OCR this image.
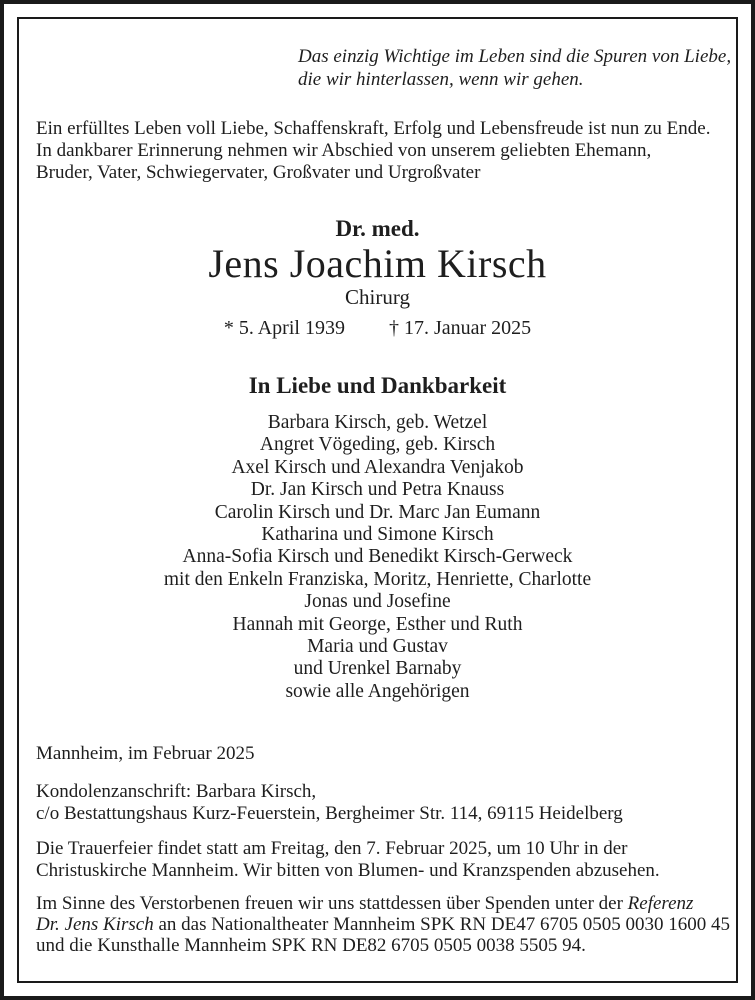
Das einzig Wichtige im Leben sind die Spuren von Liebe,
die wir hinterlassen, wenn wir gehen.
Ein erfülltes Leben voll Liebe, Schaffenskraft, Erfolg und Lebensfreude ist nun zu Ende.
In dankbarer Erinnerung nehmen wir Abschied von unserem geliebten Ehemann,
Bruder, Vater, Schwiegervater, Großvater und Urgroßvater
Dr. med.
Jens Joachim Kirsch
Chirurg
* 5. April 1939 † 17. Januar 2025
In Liebe und Dankbarkeit
Barbara Kirsch, geb. Wetzel
Angret Vögeding, geb. Kirsch
Axel Kirsch und Alexandra Venjakob
Dr. Jan Kirsch und Petra Knauss
Carolin Kirsch und Dr. Marc Jan Eumann
Katharina und Simone Kirsch
Anna-Sofia Kirsch und Benedikt Kirsch-Gerweck
mit den Enkeln Franziska, Moritz, Henriette, Charlotte
Jonas und Josefine
Hannah mit George, Esther und Ruth
Maria und Gustav
und Urenkel Barnaby
sowie alle Angehörigen
Mannheim, im Februar 2025
Kondolenzanschrift: Barbara Kirsch,
c/o Bestattungshaus Kurz-Feuerstein, Bergheimer Str. 114, 69115 Heidelberg
Die Trauerfeier findet statt am Freitag, den 7. Februar 2025, um 10 Uhr in der
Christuskirche Mannheim. Wir bitten von Blumen- und Kranzspenden abzusehen.
Im Sinne des Verstorbenen freuen wir uns stattdessen über Spenden unter der Referenz
Dr. Jens Kirsch an das Nationaltheater Mannheim SPK RN DE47 6705 0505 0030 1600 45
und die Kunsthalle Mannheim SPK RN DE82 6705 0505 0038 5505 94.
